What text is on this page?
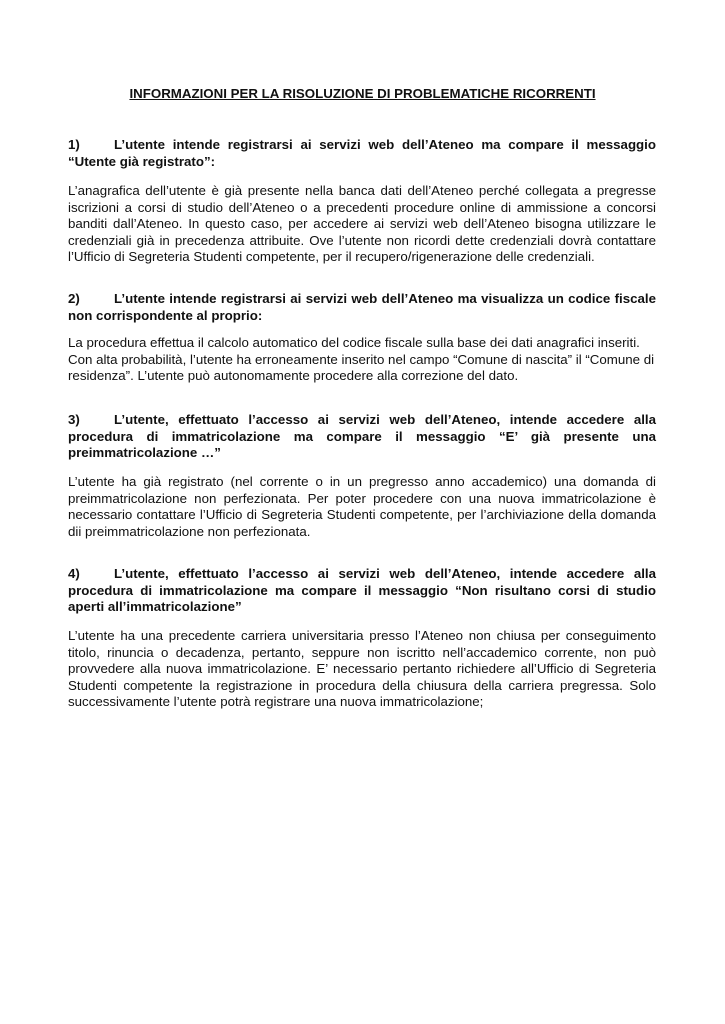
INFORMAZIONI PER LA RISOLUZIONE DI PROBLEMATICHE RICORRENTI
1)	L’utente intende registrarsi ai servizi web dell’Ateneo ma compare il messaggio “Utente già registrato”:
L’anagrafica dell’utente è già presente nella banca dati dell’Ateneo perché collegata a pregresse iscrizioni a corsi di studio dell’Ateneo o a precedenti procedure online di ammissione a concorsi banditi dall’Ateneo. In questo caso, per accedere ai servizi web dell’Ateneo bisogna utilizzare le credenziali già in precedenza attribuite. Ove l’utente non ricordi dette credenziali dovrà contattare l’Ufficio di Segreteria Studenti competente, per il recupero/rigenerazione delle credenziali.
2)	L’utente intende registrarsi ai servizi web dell’Ateneo ma visualizza un codice fiscale non corrispondente al proprio:
La procedura effettua il calcolo automatico del codice fiscale sulla base dei dati anagrafici inseriti. Con alta probabilità, l’utente ha erroneamente inserito nel campo “Comune di nascita” il “Comune di residenza”. L’utente può autonomamente procedere alla correzione del dato.
3)	L’utente, effettuato l’accesso ai servizi web dell’Ateneo, intende accedere alla procedura di immatricolazione ma compare il messaggio “E’ già presente una preimmatricolazione …”
L’utente ha già registrato (nel corrente o in un pregresso anno accademico) una domanda di preimmatricolazione non perfezionata. Per poter procedere con una nuova immatricolazione è necessario contattare l’Ufficio di Segreteria Studenti competente, per l’archiviazione della domanda dii preimmatricolazione non perfezionata.
4)	L’utente, effettuato l’accesso ai servizi web dell’Ateneo, intende accedere alla procedura di immatricolazione ma compare il messaggio “Non risultano corsi di studio aperti all’immatricolazione”
L’utente ha una precedente carriera universitaria presso l’Ateneo non chiusa per conseguimento titolo, rinuncia o decadenza, pertanto, seppure non iscritto nell’accademico corrente, non può provvedere alla nuova immatricolazione. E’ necessario pertanto richiedere all’Ufficio di Segreteria Studenti competente la registrazione in procedura della chiusura della carriera pregressa. Solo successivamente l’utente potrà registrare una nuova immatricolazione;
